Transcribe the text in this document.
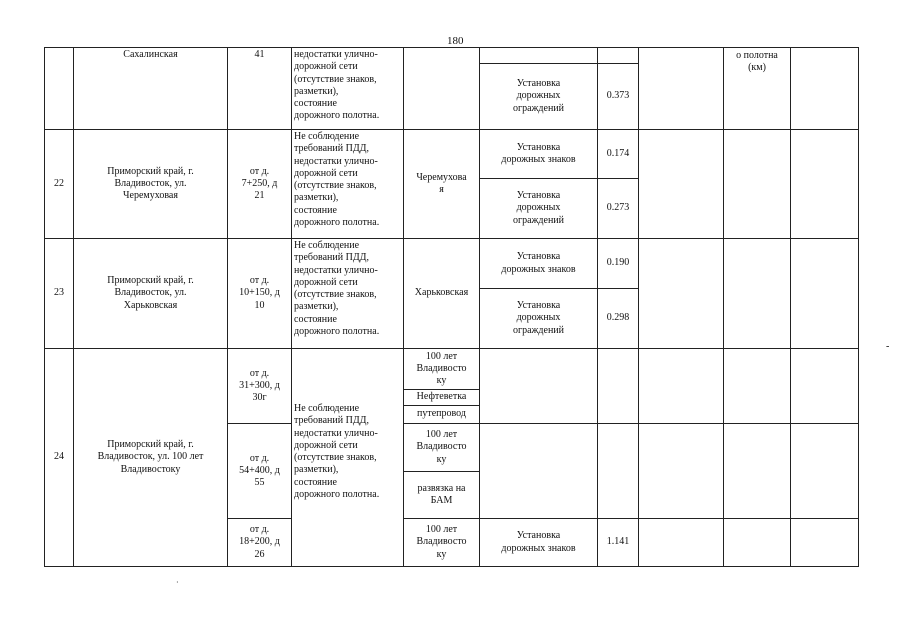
180
Сахалинская	41	недостатки улично-
дорожной сети
(отсутствие знаков,
разметки),
состояние
дорожного полотна.
Установка
дорожных
ограждений
0.373
о полотна
(км)
22
Приморский край, г.
Владивосток, ул.
Черемуховая
от д.
7+250, д
21
Не соблюдение
требований ПДД,
недостатки улично-
дорожной сети
(отсутствие знаков,
разметки),
состояние
дорожного полотна.
Черемухова
я
Установка
дорожных знаков
0.174
Установка
дорожных
ограждений
0.273
23
Приморский край, г.
Владивосток, ул.
Харьковская
от д.
10+150, д
10
Не соблюдение
требований ПДД,
недостатки улично-
дорожной сети
(отсутствие знаков,
разметки),
состояние
дорожного полотна.
Харьковская
Установка
дорожных знаков
0.190
Установка
дорожных
ограждений
0.298
24
Приморский край, г.
Владивосток, ул. 100 лет
Владивостоку
от д.
31+300, д
30г
от д.
54+400, д
55
от д.
18+200, д
26
Не соблюдение
требований ПДД,
недостатки улично-
дорожной сети
(отсутствие знаков,
разметки),
состояние
дорожного полотна.
100 лет
Владивосто
ку
Нефтеветка
путепровод
100 лет
Владивосто
ку
развязка на
БАМ
100 лет
Владивосто
ку
Установка
дорожных знаков
1.141
-
·
